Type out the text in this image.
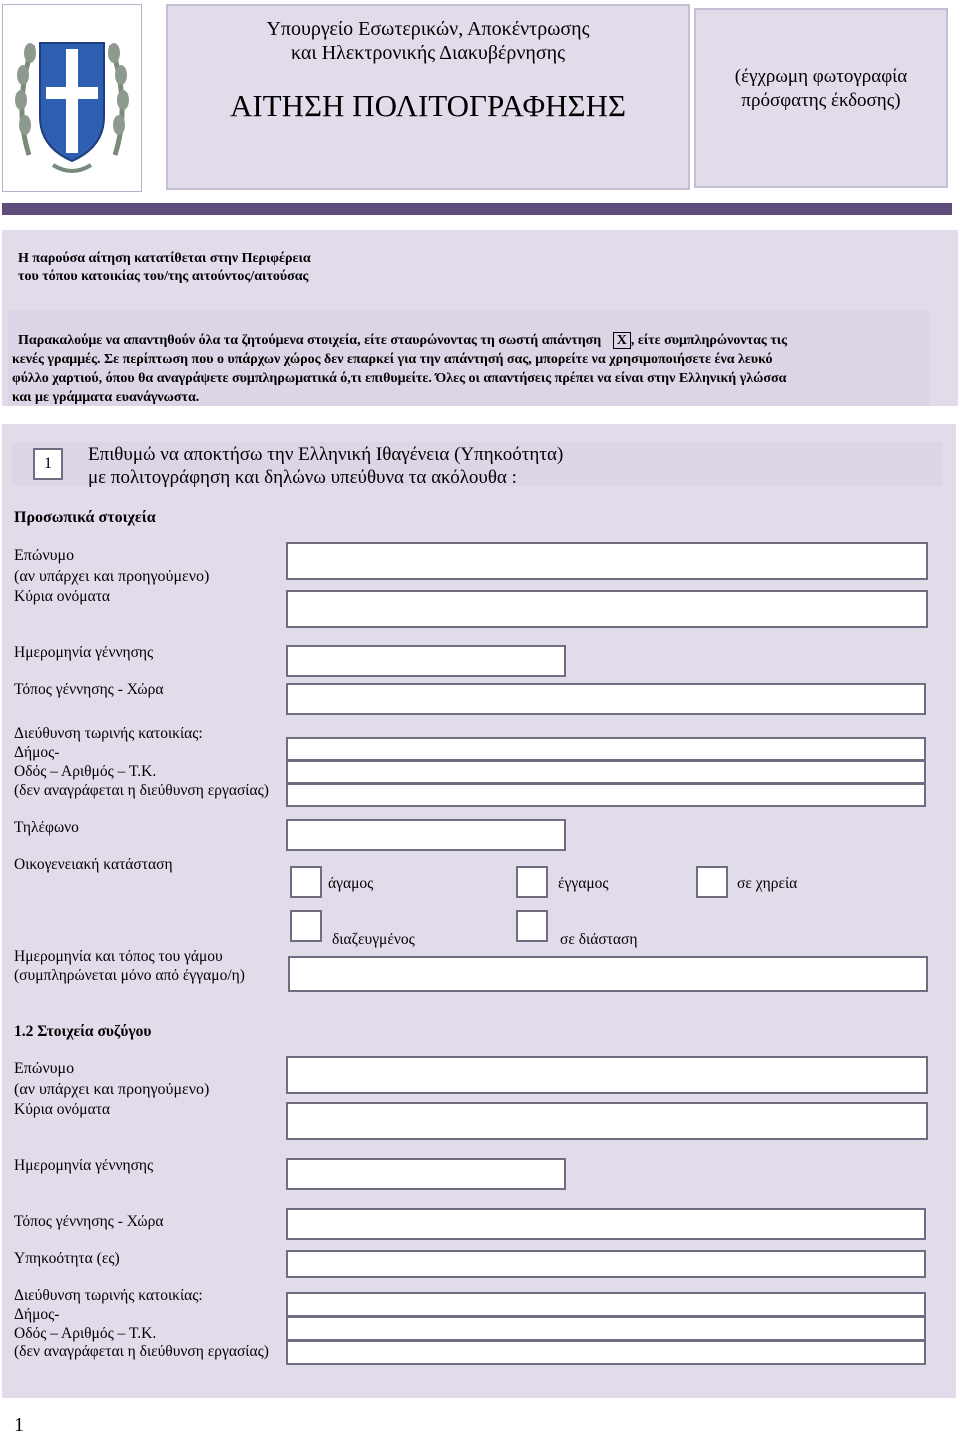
Υπουργείο Εσωτερικών, Αποκέντρωσης
και Ηλεκτρονικής Διακυβέρνησης
ΑΙΤΗΣΗ ΠΟΛΙΤΟΓΡΑΦΗΣΗΣ
(έγχρωμη φωτογραφία
πρόσφατης έκδοσης)
Η παρούσα αίτηση κατατίθεται στην Περιφέρεια
του τόπου κατοικίας του/της αιτούντος/αιτούσας
Παρακαλούμε να απαντηθούν όλα τα ζητούμενα στοιχεία, είτε σταυρώνοντας τη σωστή απάντηση X , είτε συμπληρώνοντας τις
κενές γραμμές. Σε περίπτωση που ο υπάρχων χώρος δεν επαρκεί για την απάντησή σας, μπορείτε να χρησιμοποιήσετε ένα λευκό
φύλλο χαρτιού, όπου θα αναγράψετε συμπληρωματικά ό,τι επιθυμείτε. Όλες οι απαντήσεις πρέπει να είναι στην Ελληνική γλώσσα
και με γράμματα ευανάγνωστα.
1	Επιθυμώ να αποκτήσω την Ελληνική Ιθαγένεια (Υπηκοότητα)
με πολιτογράφηση και δηλώνω υπεύθυνα τα ακόλουθα :
Προσωπικά στοιχεία
Επώνυμο
(αν υπάρχει και προηγούμενο)
Κύρια ονόματα
Ημερομηνία γέννησης
Τόπος γέννησης - Χώρα
Διεύθυνση τωρινής κατοικίας:
Δήμος-
Οδός – Αριθμός – Τ.Κ.
(δεν αναγράφεται η διεύθυνση εργασίας)
Τηλέφωνο
Οικογενειακή κατάσταση
άγαμος	έγγαμος	σε χηρεία
διαζευγμένος	σε διάσταση
Ημερομηνία και τόπος του γάμου
(συμπληρώνεται μόνο από έγγαμο/η)
1.2 Στοιχεία συζύγου
Επώνυμο
(αν υπάρχει και προηγούμενο)
Κύρια ονόματα
Ημερομηνία γέννησης
Τόπος γέννησης - Χώρα
Υπηκοότητα (ες)
Διεύθυνση τωρινής κατοικίας:
Δήμος-
Οδός – Αριθμός – Τ.Κ.
(δεν αναγράφεται η διεύθυνση εργασίας)
1
